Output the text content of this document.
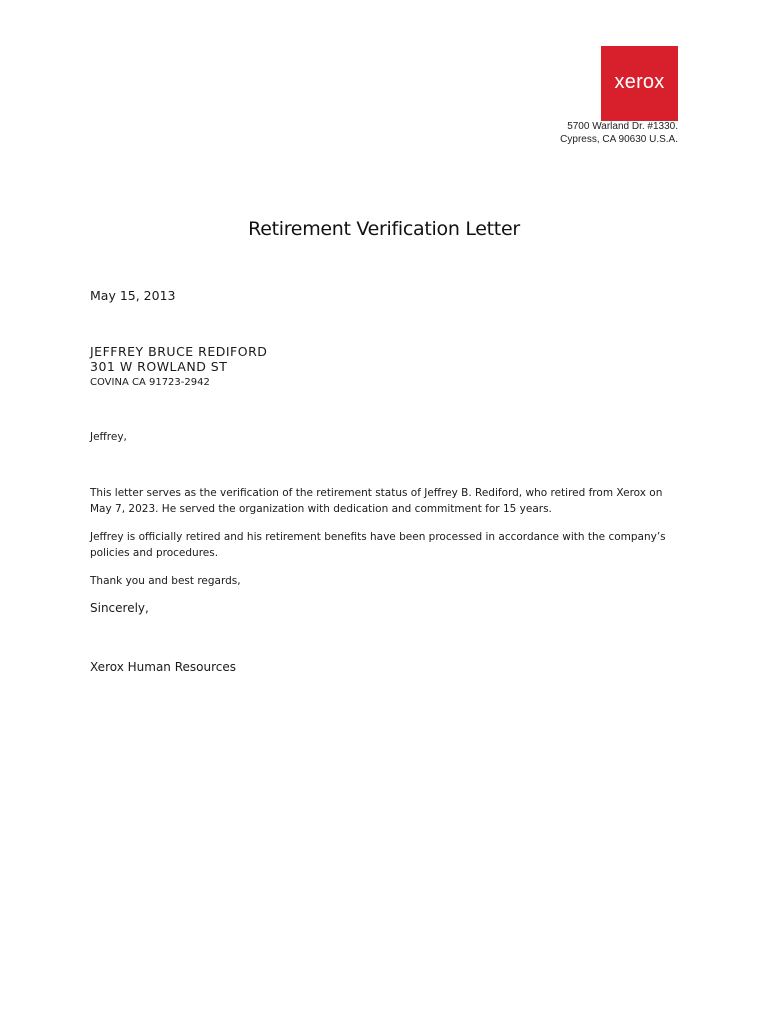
xerox
5700 Warland Dr. #1330.
Cypress, CA 90630 U.S.A.
Retirement Verification Letter
May 15, 2013
JEFFREY BRUCE REDIFORD
301 W ROWLAND ST
COVINA CA 91723-2942
Jeffrey,
This letter serves as the verification of the retirement status of Jeffrey B. Rediford, who retired from Xerox on May 7, 2023. He served the organization with dedication and commitment for 15 years.
Jeffrey is officially retired and his retirement benefits have been processed in accordance with the company’s policies and procedures.
Thank you and best regards,
Sincerely,
Xerox Human Resources
